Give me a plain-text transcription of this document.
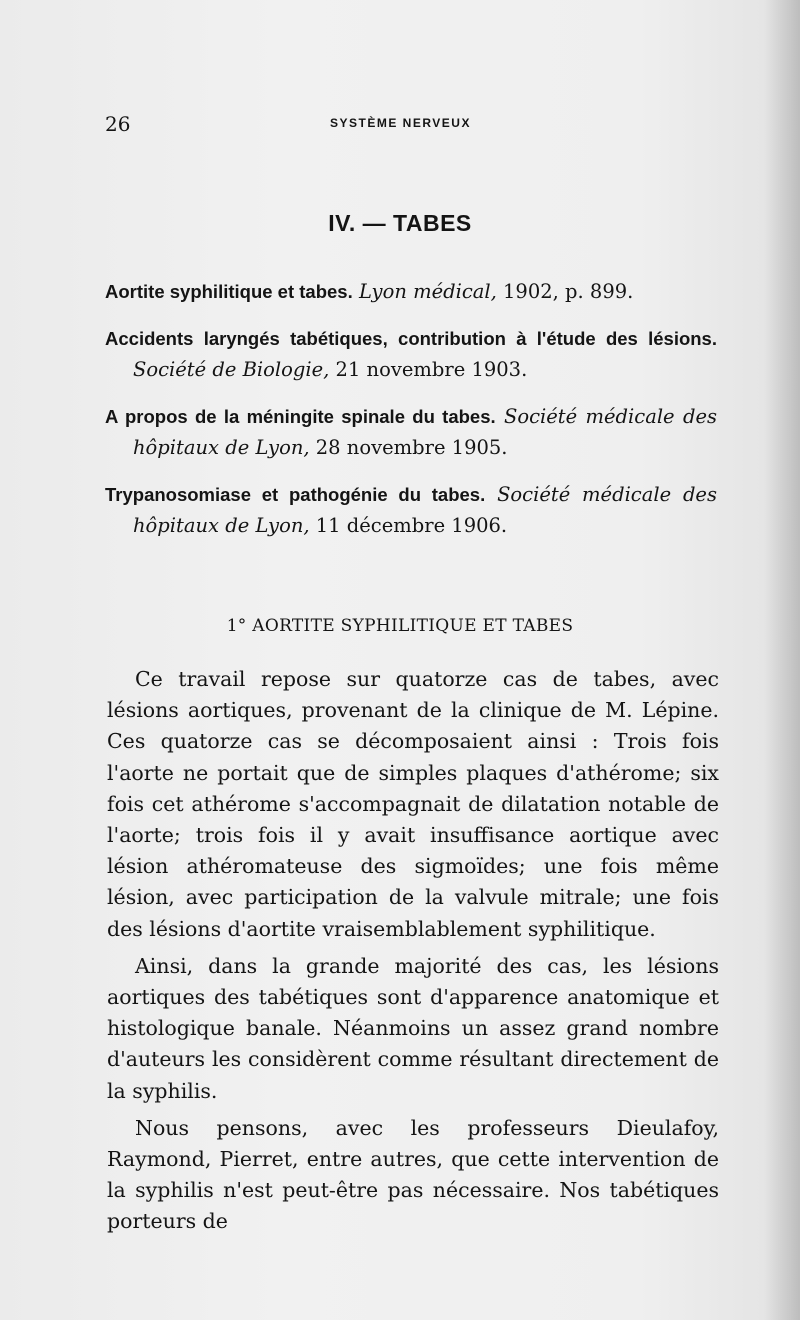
26	SYSTÈME NERVEUX
IV. — TABES
Aortite syphilitique et tabes. Lyon médical, 1902, p. 899.
Accidents laryngés tabétiques, contribution à l'étude des lésions. Société de Biologie, 21 novembre 1903.
A propos de la méningite spinale du tabes. Société médicale des hôpitaux de Lyon, 28 novembre 1905.
Trypanosomiase et pathogénie du tabes. Société médicale des hôpitaux de Lyon, 11 décembre 1906.
1° AORTITE SYPHILITIQUE ET TABES

Ce travail repose sur quatorze cas de tabes, avec lésions aortiques, provenant de la clinique de M. Lépine. Ces quatorze cas se décomposaient ainsi : Trois fois l'aorte ne portait que de simples plaques d'athérome; six fois cet athérome s'accompagnait de dilatation notable de l'aorte; trois fois il y avait insuffisance aortique avec lésion athéromateuse des sigmoïdes; une fois même lésion, avec participation de la valvule mitrale; une fois des lésions d'aortite vraisemblablement syphilitique.

Ainsi, dans la grande majorité des cas, les lésions aortiques des tabétiques sont d'apparence anatomique et histologique banale. Néanmoins un assez grand nombre d'auteurs les considèrent comme résultant directement de la syphilis.

Nous pensons, avec les professeurs Dieulafoy, Raymond, Pierret, entre autres, que cette intervention de la syphilis n'est peut-être pas nécessaire. Nos tabétiques porteurs de
